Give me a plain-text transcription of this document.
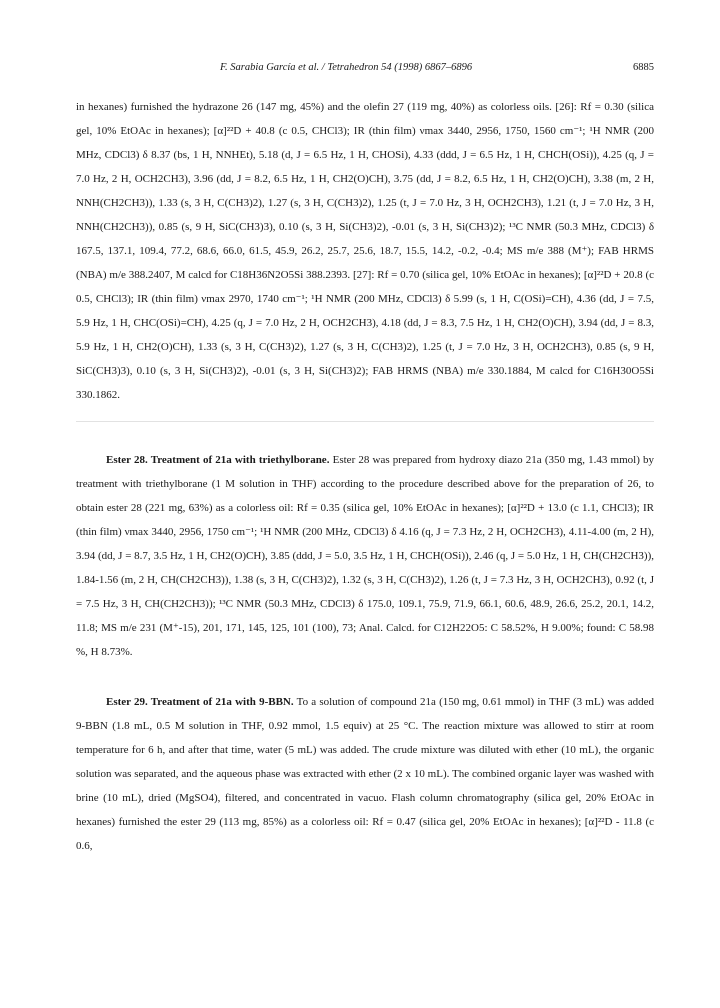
F. Sarabia García et al. / Tetrahedron 54 (1998) 6867–6896	6885

in hexanes) furnished the hydrazone 26 (147 mg, 45%) and the olefin 27 (119 mg, 40%) as colorless oils. [26]: Rf = 0.30 (silica gel, 10% EtOAc in hexanes); [α]²²D + 40.8 (c 0.5, CHCl3); IR (thin film) νmax 3440, 2956, 1750, 1560 cm⁻¹; ¹H NMR (200 MHz, CDCl3) δ 8.37 (bs, 1 H, NNHEt), 5.18 (d, J = 6.5 Hz, 1 H, CHOSi), 4.33 (ddd, J = 6.5 Hz, 1 H, CHCH(OSi)), 4.25 (q, J = 7.0 Hz, 2 H, OCH2CH3), 3.96 (dd, J = 8.2, 6.5 Hz, 1 H, CH2(O)CH), 3.75 (dd, J = 8.2, 6.5 Hz, 1 H, CH2(O)CH), 3.38 (m, 2 H, NNH(CH2CH3)), 1.33 (s, 3 H, C(CH3)2), 1.27 (s, 3 H, C(CH3)2), 1.25 (t, J = 7.0 Hz, 3 H, OCH2CH3), 1.21 (t, J = 7.0 Hz, 3 H, NNH(CH2CH3)), 0.85 (s, 9 H, SiC(CH3)3), 0.10 (s, 3 H, Si(CH3)2), -0.01 (s, 3 H, Si(CH3)2); ¹³C NMR (50.3 MHz, CDCl3) δ 167.5, 137.1, 109.4, 77.2, 68.6, 66.0, 61.5, 45.9, 26.2, 25.7, 25.6, 18.7, 15.5, 14.2, -0.2, -0.4; MS m/e 388 (M⁺); FAB HRMS (NBA) m/e 388.2407, M calcd for C18H36N2O5Si 388.2393. [27]: Rf = 0.70 (silica gel, 10% EtOAc in hexanes); [α]²²D + 20.8 (c 0.5, CHCl3); IR (thin film) νmax 2970, 1740 cm⁻¹; ¹H NMR (200 MHz, CDCl3) δ 5.99 (s, 1 H, C(OSi)=CH), 4.36 (dd, J = 7.5, 5.9 Hz, 1 H, CHC(OSi)=CH), 4.25 (q, J = 7.0 Hz, 2 H, OCH2CH3), 4.18 (dd, J = 8.3, 7.5 Hz, 1 H, CH2(O)CH), 3.94 (dd, J = 8.3, 5.9 Hz, 1 H, CH2(O)CH), 1.33 (s, 3 H, C(CH3)2), 1.27 (s, 3 H, C(CH3)2), 1.25 (t, J = 7.0 Hz, 3 H, OCH2CH3), 0.85 (s, 9 H, SiC(CH3)3), 0.10 (s, 3 H, Si(CH3)2), -0.01 (s, 3 H, Si(CH3)2); FAB HRMS (NBA) m/e 330.1884, M calcd for C16H30O5Si 330.1862.

Ester 28. Treatment of 21a with triethylborane. Ester 28 was prepared from hydroxy diazo 21a (350 mg, 1.43 mmol) by treatment with triethylborane (1 M solution in THF) according to the procedure described above for the preparation of 26, to obtain ester 28 (221 mg, 63%) as a colorless oil: Rf = 0.35 (silica gel, 10% EtOAc in hexanes); [α]²²D + 13.0 (c 1.1, CHCl3); IR (thin film) νmax 3440, 2956, 1750 cm⁻¹; ¹H NMR (200 MHz, CDCl3) δ 4.16 (q, J = 7.3 Hz, 2 H, OCH2CH3), 4.11-4.00 (m, 2 H), 3.94 (dd, J = 8.7, 3.5 Hz, 1 H, CH2(O)CH), 3.85 (ddd, J = 5.0, 3.5 Hz, 1 H, CHCH(OSi)), 2.46 (q, J = 5.0 Hz, 1 H, CH(CH2CH3)), 1.84-1.56 (m, 2 H, CH(CH2CH3)), 1.38 (s, 3 H, C(CH3)2), 1.32 (s, 3 H, C(CH3)2), 1.26 (t, J = 7.3 Hz, 3 H, OCH2CH3), 0.92 (t, J = 7.5 Hz, 3 H, CH(CH2CH3)); ¹³C NMR (50.3 MHz, CDCl3) δ 175.0, 109.1, 75.9, 71.9, 66.1, 60.6, 48.9, 26.6, 25.2, 20.1, 14.2, 11.8; MS m/e 231 (M⁺-15), 201, 171, 145, 125, 101 (100), 73; Anal. Calcd. for C12H22O5: C 58.52%, H 9.00%; found: C 58.98 %, H 8.73%.

Ester 29. Treatment of 21a with 9-BBN. To a solution of compound 21a (150 mg, 0.61 mmol) in THF (3 mL) was added 9-BBN (1.8 mL, 0.5 M solution in THF, 0.92 mmol, 1.5 equiv) at 25 °C. The reaction mixture was allowed to stirr at room temperature for 6 h, and after that time, water (5 mL) was added. The crude mixture was diluted with ether (10 mL), the organic solution was separated, and the aqueous phase was extracted with ether (2 x 10 mL). The combined organic layer was washed with brine (10 mL), dried (MgSO4), filtered, and concentrated in vacuo. Flash column chromatography (silica gel, 20% EtOAc in hexanes) furnished the ester 29 (113 mg, 85%) as a colorless oil: Rf = 0.47 (silica gel, 20% EtOAc in hexanes); [α]²²D - 11.8 (c 0.6,
